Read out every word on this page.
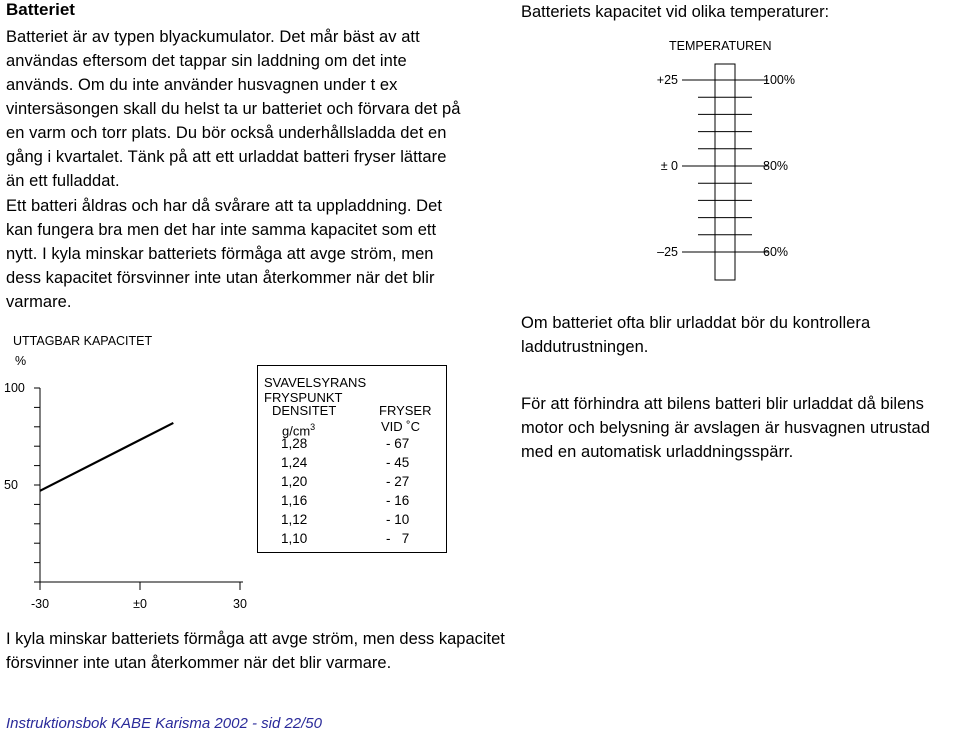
Batteriet
Batteriet är av typen blyackumulator. Det mår bäst av att användas eftersom det tappar sin laddning om det inte används. Om du inte använder husvagnen under t ex vintersäsongen skall du helst ta ur batteriet och förvara det på en varm och torr plats. Du bör också underhållsladda det en gång i kvartalet. Tänk på att ett urladdat batteri fryser lättare än ett fulladdat.
Ett batteri åldras och har då svårare att ta uppladdning. Det kan fungera bra men det har inte samma kapacitet som ett nytt. I kyla minskar batteriets förmåga att avge ström, men dess kapacitet försvinner inte utan återkommer när det blir varmare.
UTTAGBAR KAPACITET
%
100
50
-30	±0	30
SVAVELSYRANS FRYSPUNKT
DENSITET
$g/cm^3$
FRYSER
VID ˚C
1,28	- 67
1,24	- 45
1,20	- 27
1,16	- 16
1,12	- 10
1,10	-   7
I kyla minskar batteriets förmåga att avge ström, men dess kapacitet försvinner inte utan återkommer när det blir varmare.
Instruktionsbok KABE Karisma 2002 - sid 22/50
Batteriets kapacitet vid olika temperaturer:
TEMPERATUREN
+25	100%
± 0	80%
–25	60%
Om batteriet ofta blir urladdat bör du kontrollera laddutrustningen.
För att förhindra att bilens batteri blir urladdat då bilens motor och belysning är avslagen är husvagnen utrustad med en automatisk urladdningsspärr.
